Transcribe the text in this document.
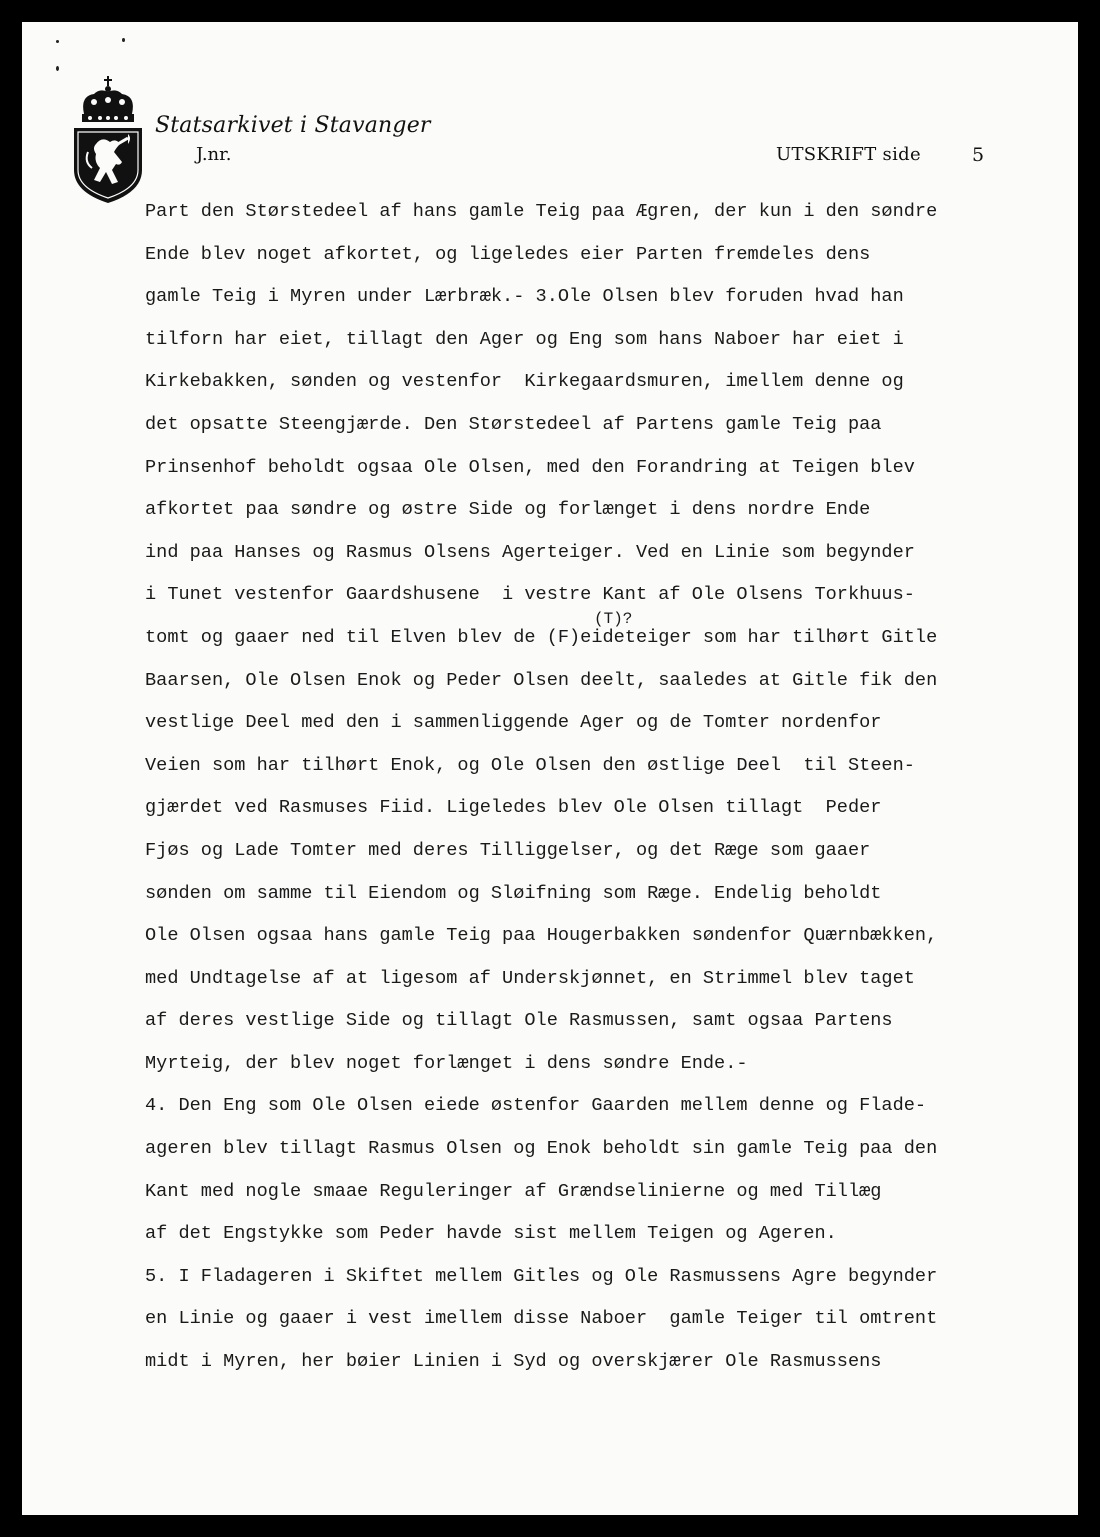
Statsarkivet i Stavanger
J.nr.	UTSKRIFT side	5
(T)?
Part den Størstedeel af hans gamle Teig paa Ægren, der kun i den søndre
Ende blev noget afkortet, og ligeledes eier Parten fremdeles dens
gamle Teig i Myren under Lærbræk.- 3.Ole Olsen blev foruden hvad han
tilforn har eiet, tillagt den Ager og Eng som hans Naboer har eiet i
Kirkebakken, sønden og vestenfor  Kirkegaardsmuren, imellem denne og
det opsatte Steengjærde. Den Størstedeel af Partens gamle Teig paa
Prinsenhof beholdt ogsaa Ole Olsen, med den Forandring at Teigen blev
afkortet paa søndre og østre Side og forlænget i dens nordre Ende
ind paa Hanses og Rasmus Olsens Agerteiger. Ved en Linie som begynder
i Tunet vestenfor Gaardshusene  i vestre Kant af Ole Olsens Torkhuus-
tomt og gaaer ned til Elven blev de (F)eideteiger som har tilhørt Gitle
Baarsen, Ole Olsen Enok og Peder Olsen deelt, saaledes at Gitle fik den
vestlige Deel med den i sammenliggende Ager og de Tomter nordenfor
Veien som har tilhørt Enok, og Ole Olsen den østlige Deel  til Steen-
gjærdet ved Rasmuses Fiid. Ligeledes blev Ole Olsen tillagt  Peder
Fjøs og Lade Tomter med deres Tilliggelser, og det Ræge som gaaer
sønden om samme til Eiendom og Sløifning som Ræge. Endelig beholdt
Ole Olsen ogsaa hans gamle Teig paa Hougerbakken søndenfor Quærnbækken,
med Undtagelse af at ligesom af Underskjønnet, en Strimmel blev taget
af deres vestlige Side og tillagt Ole Rasmussen, samt ogsaa Partens
Myrteig, der blev noget forlænget i dens søndre Ende.-
4. Den Eng som Ole Olsen eiede østenfor Gaarden mellem denne og Flade-
ageren blev tillagt Rasmus Olsen og Enok beholdt sin gamle Teig paa den
Kant med nogle smaae Reguleringer af Grændselinierne og med Tillæg
af det Engstykke som Peder havde sist mellem Teigen og Ageren.
5. I Fladageren i Skiftet mellem Gitles og Ole Rasmussens Agre begynder
en Linie og gaaer i vest imellem disse Naboer  gamle Teiger til omtrent
midt i Myren, her bøier Linien i Syd og overskjærer Ole Rasmussens
